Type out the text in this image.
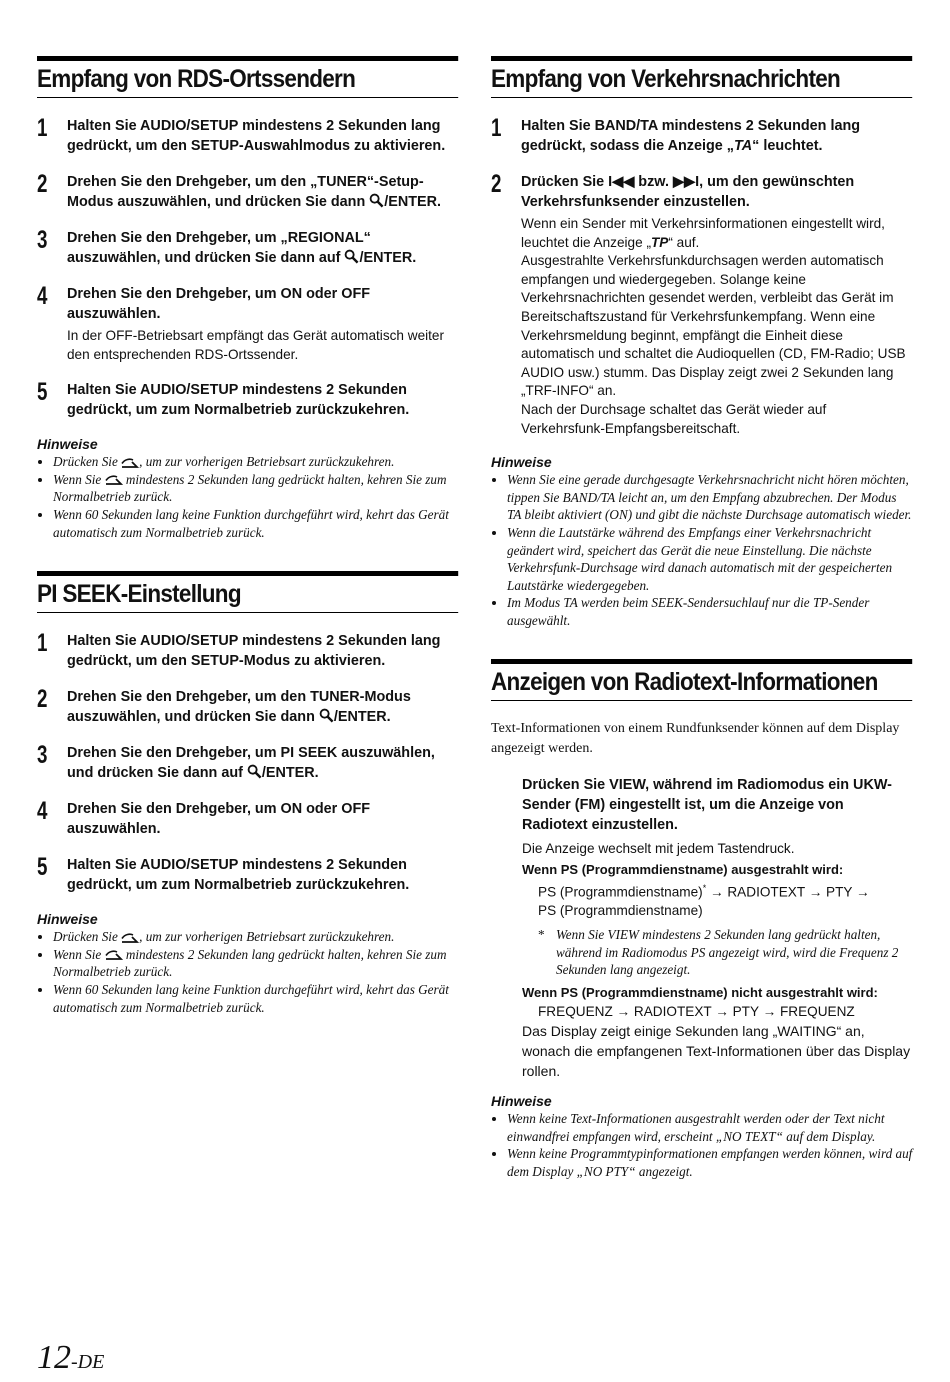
Empfang von RDS-Ortssendern
1	Halten Sie AUDIO/SETUP mindestens 2 Sekunden lang gedrückt, um den SETUP-Auswahlmodus zu aktivieren.
2	Drehen Sie den Drehgeber, um den „TUNER“-Setup-Modus auszuwählen, und drücken Sie dann /ENTER.
3	Drehen Sie den Drehgeber, um „REGIONAL“ auszuwählen, und drücken Sie dann auf /ENTER.
4	Drehen Sie den Drehgeber, um ON oder OFF auszuwählen.
In der OFF-Betriebsart empfängt das Gerät automatisch weiter den entsprechenden RDS-Ortssender.
5	Halten Sie AUDIO/SETUP mindestens 2 Sekunden gedrückt, um zum Normalbetrieb zurückzukehren.
Hinweise
• Drücken Sie , um zur vorherigen Betriebsart zurückzukehren.
• Wenn Sie  mindestens 2 Sekunden lang gedrückt halten, kehren Sie zum Normalbetrieb zurück.
• Wenn 60 Sekunden lang keine Funktion durchgeführt wird, kehrt das Gerät automatisch zum Normalbetrieb zurück.
PI SEEK-Einstellung
1	Halten Sie AUDIO/SETUP mindestens 2 Sekunden lang gedrückt, um den SETUP-Modus zu aktivieren.
2	Drehen Sie den Drehgeber, um den TUNER-Modus auszuwählen, und drücken Sie dann /ENTER.
3	Drehen Sie den Drehgeber, um PI SEEK auszuwählen, und drücken Sie dann auf /ENTER.
4	Drehen Sie den Drehgeber, um ON oder OFF auszuwählen.
5	Halten Sie AUDIO/SETUP mindestens 2 Sekunden gedrückt, um zum Normalbetrieb zurückzukehren.
Hinweise
• Drücken Sie , um zur vorherigen Betriebsart zurückzukehren.
• Wenn Sie  mindestens 2 Sekunden lang gedrückt halten, kehren Sie zum Normalbetrieb zurück.
• Wenn 60 Sekunden lang keine Funktion durchgeführt wird, kehrt das Gerät automatisch zum Normalbetrieb zurück.
Empfang von Verkehrsnachrichten
1	Halten Sie BAND/TA mindestens 2 Sekunden lang gedrückt, sodass die Anzeige „TA“ leuchtet.
2	Drücken Sie I◀◀ bzw. ▶▶I, um den gewünschten Verkehrsfunksender einzustellen.
Wenn ein Sender mit Verkehrsinformationen eingestellt wird, leuchtet die Anzeige „TP“ auf.
Ausgestrahlte Verkehrsfunkdurchsagen werden automatisch empfangen und wiedergegeben. Solange keine Verkehrsnachrichten gesendet werden, verbleibt das Gerät im Bereitschaftszustand für Verkehrsfunkempfang. Wenn eine Verkehrsmeldung beginnt, empfängt die Einheit diese automatisch und schaltet die Audioquellen (CD, FM-Radio; USB AUDIO usw.) stumm. Das Display zeigt zwei 2 Sekunden lang „TRF-INFO“ an.
Nach der Durchsage schaltet das Gerät wieder auf Verkehrsfunk-Empfangsbereitschaft.
Hinweise
• Wenn Sie eine gerade durchgesagte Verkehrsnachricht nicht hören möchten, tippen Sie BAND/TA leicht an, um den Empfang abzubrechen. Der Modus TA bleibt aktiviert (ON) und gibt die nächste Durchsage automatisch wieder.
• Wenn die Lautstärke während des Empfangs einer Verkehrsnachricht geändert wird, speichert das Gerät die neue Einstellung. Die nächste Verkehrsfunk-Durchsage wird danach automatisch mit der gespeicherten Lautstärke wiedergegeben.
• Im Modus TA werden beim SEEK-Sendersuchlauf nur die TP-Sender ausgewählt.
Anzeigen von Radiotext-Informationen

Text-Informationen von einem Rundfunksender können auf dem Display angezeigt werden.

Drücken Sie VIEW, während im Radiomodus ein UKW-Sender (FM) eingestellt ist, um die Anzeige von Radiotext einzustellen.
Die Anzeige wechselt mit jedem Tastendruck.
Wenn PS (Programmdienstname) ausgestrahlt wird:
PS (Programmdienstname)* → RADIOTEXT → PTY →
PS (Programmdienstname)
* Wenn Sie VIEW mindestens 2 Sekunden lang gedrückt halten, während im Radiomodus PS angezeigt wird, wird die Frequenz 2 Sekunden lang angezeigt.
Wenn PS (Programmdienstname) nicht ausgestrahlt wird:
FREQUENZ → RADIOTEXT → PTY → FREQUENZ
Das Display zeigt einige Sekunden lang „WAITING“ an, wonach die empfangenen Text-Informationen über das Display rollen.
Hinweise
• Wenn keine Text-Informationen ausgestrahlt werden oder der Text nicht einwandfrei empfangen wird, erscheint „NO TEXT“ auf dem Display.
• Wenn keine Programmtypinformationen empfangen werden können, wird auf dem Display „NO PTY“ angezeigt.
12-DE
